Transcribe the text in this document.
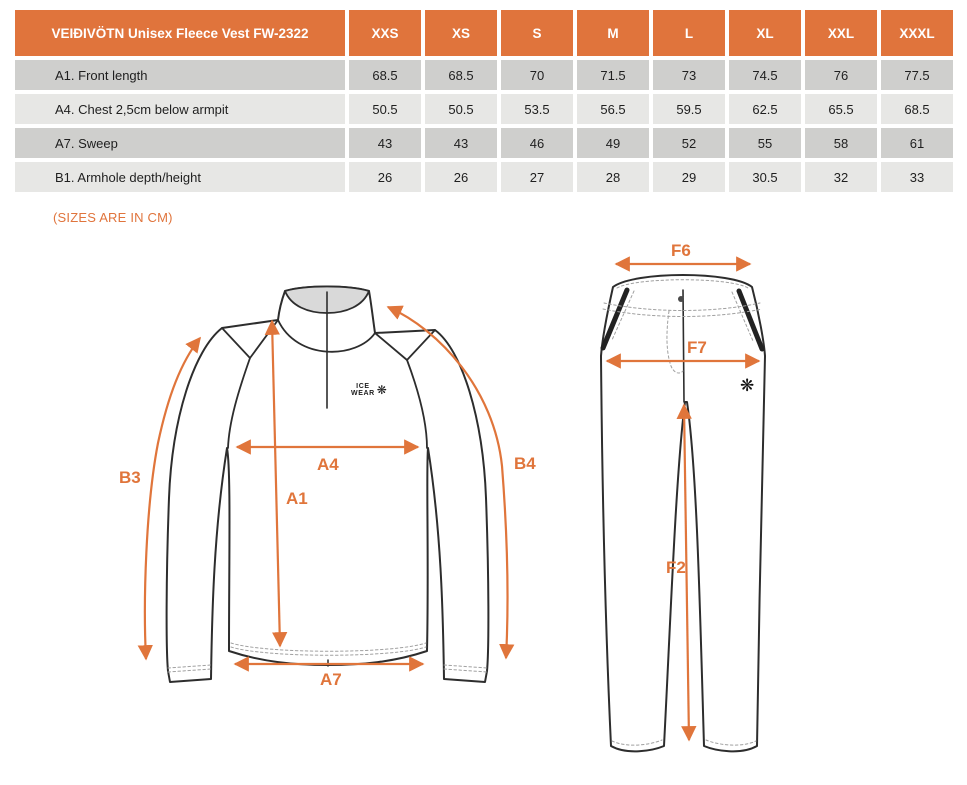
VEIÐIVÖTN Unisex Fleece Vest FW-2322	XXS	XS	S	M	L	XL	XXL	XXXL
A1. Front length	68.5	68.5	70	71.5	73	74.5	76	77.5
A4. Chest 2,5cm below armpit	50.5	50.5	53.5	56.5	59.5	62.5	65.5	68.5
A7. Sweep	43	43	46	49	52	55	58	61
B1. Armhole depth/height	26	26	27	28	29	30.5	32	33
(SIZES ARE IN CM)
B3
A4
A1
B4
A7
F6
F7
F2
ICE
WEAR ❋	❋
